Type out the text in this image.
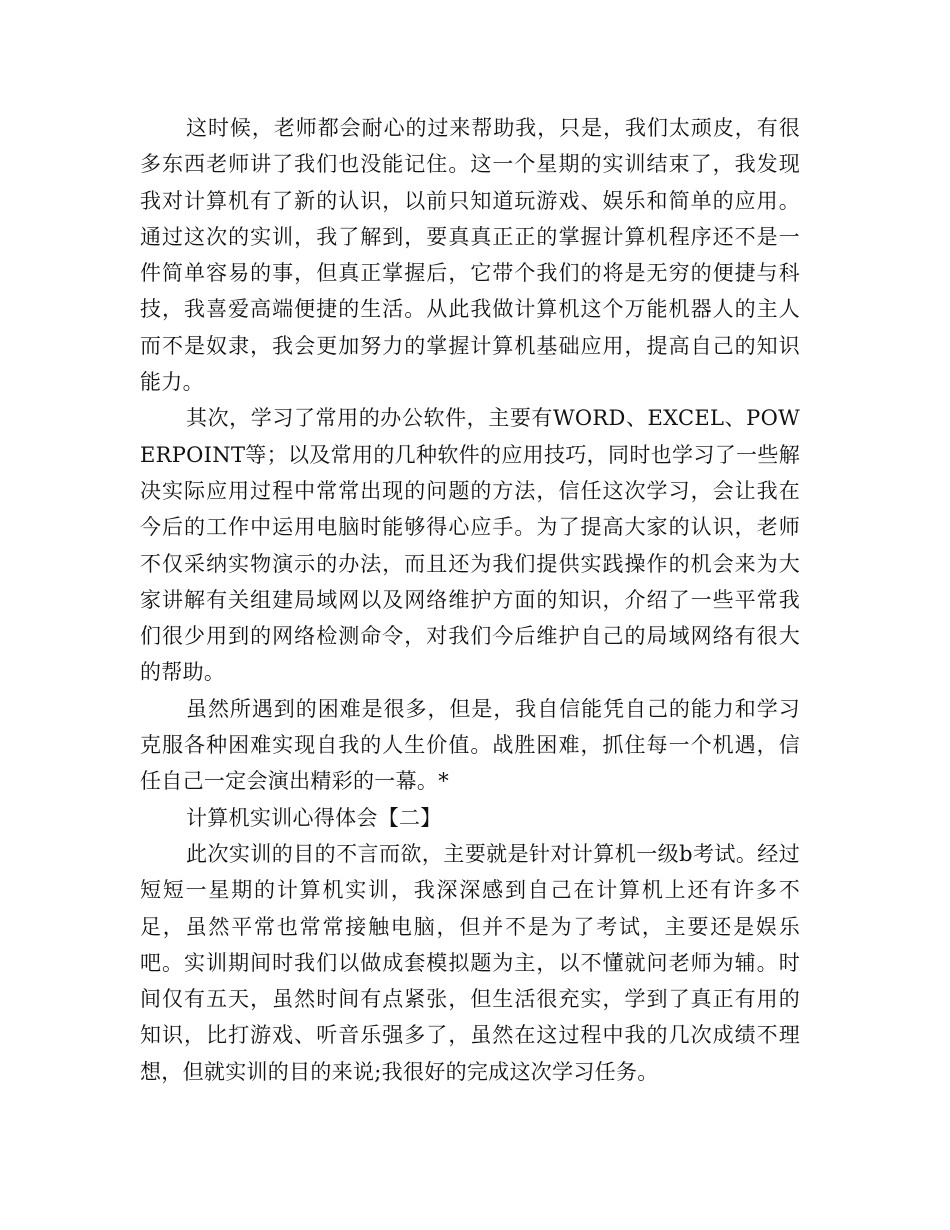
这时候，老师都会耐心的过来帮助我，只是，我们太顽皮，有很多东西老师讲了我们也没能记住。这一个星期的实训结束了，我发现我对计算机有了新的认识，以前只知道玩游戏、娱乐和简单的应用。通过这次的实训，我了解到，要真真正正的掌握计算机程序还不是一件简单容易的事，但真正掌握后，它带个我们的将是无穷的便捷与科技，我喜爱高端便捷的生活。从此我做计算机这个万能机器人的主人而不是奴隶，我会更加努力的掌握计算机基础应用，提高自己的知识能力。

其次，学习了常用的办公软件，主要有WORD、EXCEL、POWERPOINT等；以及常用的几种软件的应用技巧，同时也学习了一些解决实际应用过程中常常出现的问题的方法，信任这次学习，会让我在今后的工作中运用电脑时能够得心应手。为了提高大家的认识，老师不仅采纳实物演示的办法，而且还为我们提供实践操作的机会来为大家讲解有关组建局域网以及网络维护方面的知识，介绍了一些平常我们很少用到的网络检测命令，对我们今后维护自己的局域网络有很大的帮助。

虽然所遇到的困难是很多，但是，我自信能凭自己的能力和学习克服各种困难实现自我的人生价值。战胜困难，抓住每一个机遇，信任自己一定会演出精彩的一幕。*

计算机实训心得体会【二】

此次实训的目的不言而欲，主要就是针对计算机一级b考试。经过短短一星期的计算机实训，我深深感到自己在计算机上还有许多不足，虽然平常也常常接触电脑，但并不是为了考试，主要还是娱乐吧。实训期间时我们以做成套模拟题为主，以不懂就问老师为辅。时间仅有五天，虽然时间有点紧张，但生活很充实，学到了真正有用的知识，比打游戏、听音乐强多了，虽然在这过程中我的几次成绩不理想，但就实训的目的来说;我很好的完成这次学习任务。
